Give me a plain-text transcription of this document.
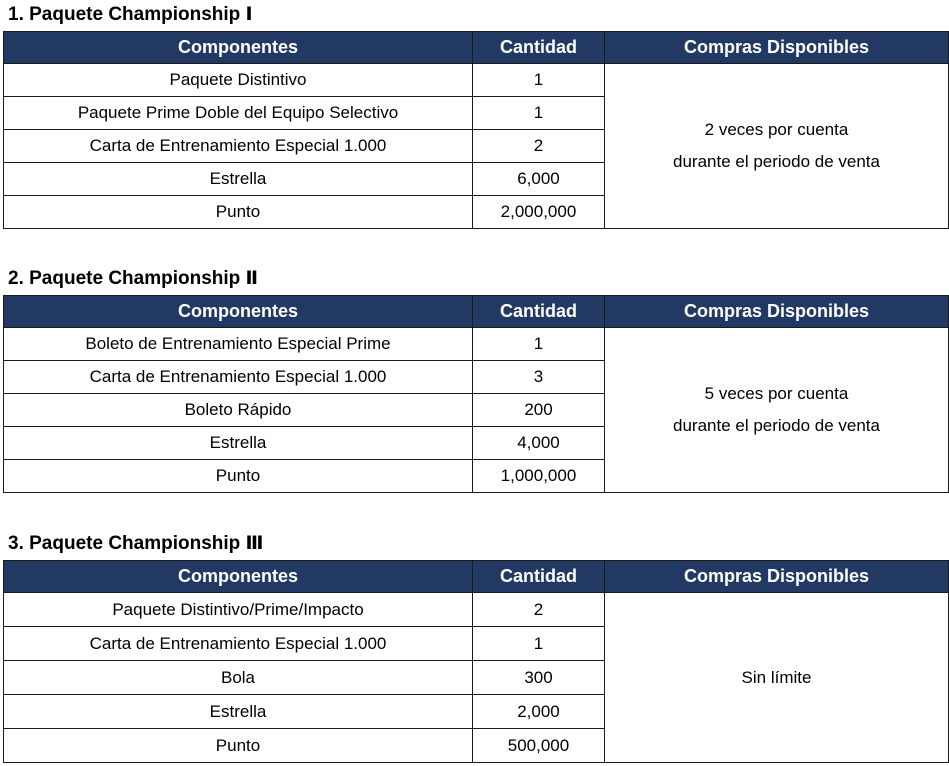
1. Paquete Championship Ⅰ
Componentes	Cantidad	Compras Disponibles
Paquete Distintivo	1	2 veces por cuenta
durante el periodo de venta

Paquete Prime Doble del Equipo Selectivo	1	
Carta de Entrenamiento Especial 1.000	2	
Estrella	6,000	
Punto	2,000,000	
2. Paquete Championship Ⅱ
Componentes	Cantidad	Compras Disponibles
Boleto de Entrenamiento Especial Prime	1	5 veces por cuenta
durante el periodo de venta

Carta de Entrenamiento Especial 1.000	3	
Boleto Rápido	200	
Estrella	4,000	
Punto	1,000,000	
3. Paquete Championship Ⅲ
Componentes	Cantidad	Compras Disponibles
Paquete Distintivo/Prime/Impacto	2	Sin límite

Carta de Entrenamiento Especial 1.000	1	
Bola	300	
Estrella	2,000	
Punto	500,000	
